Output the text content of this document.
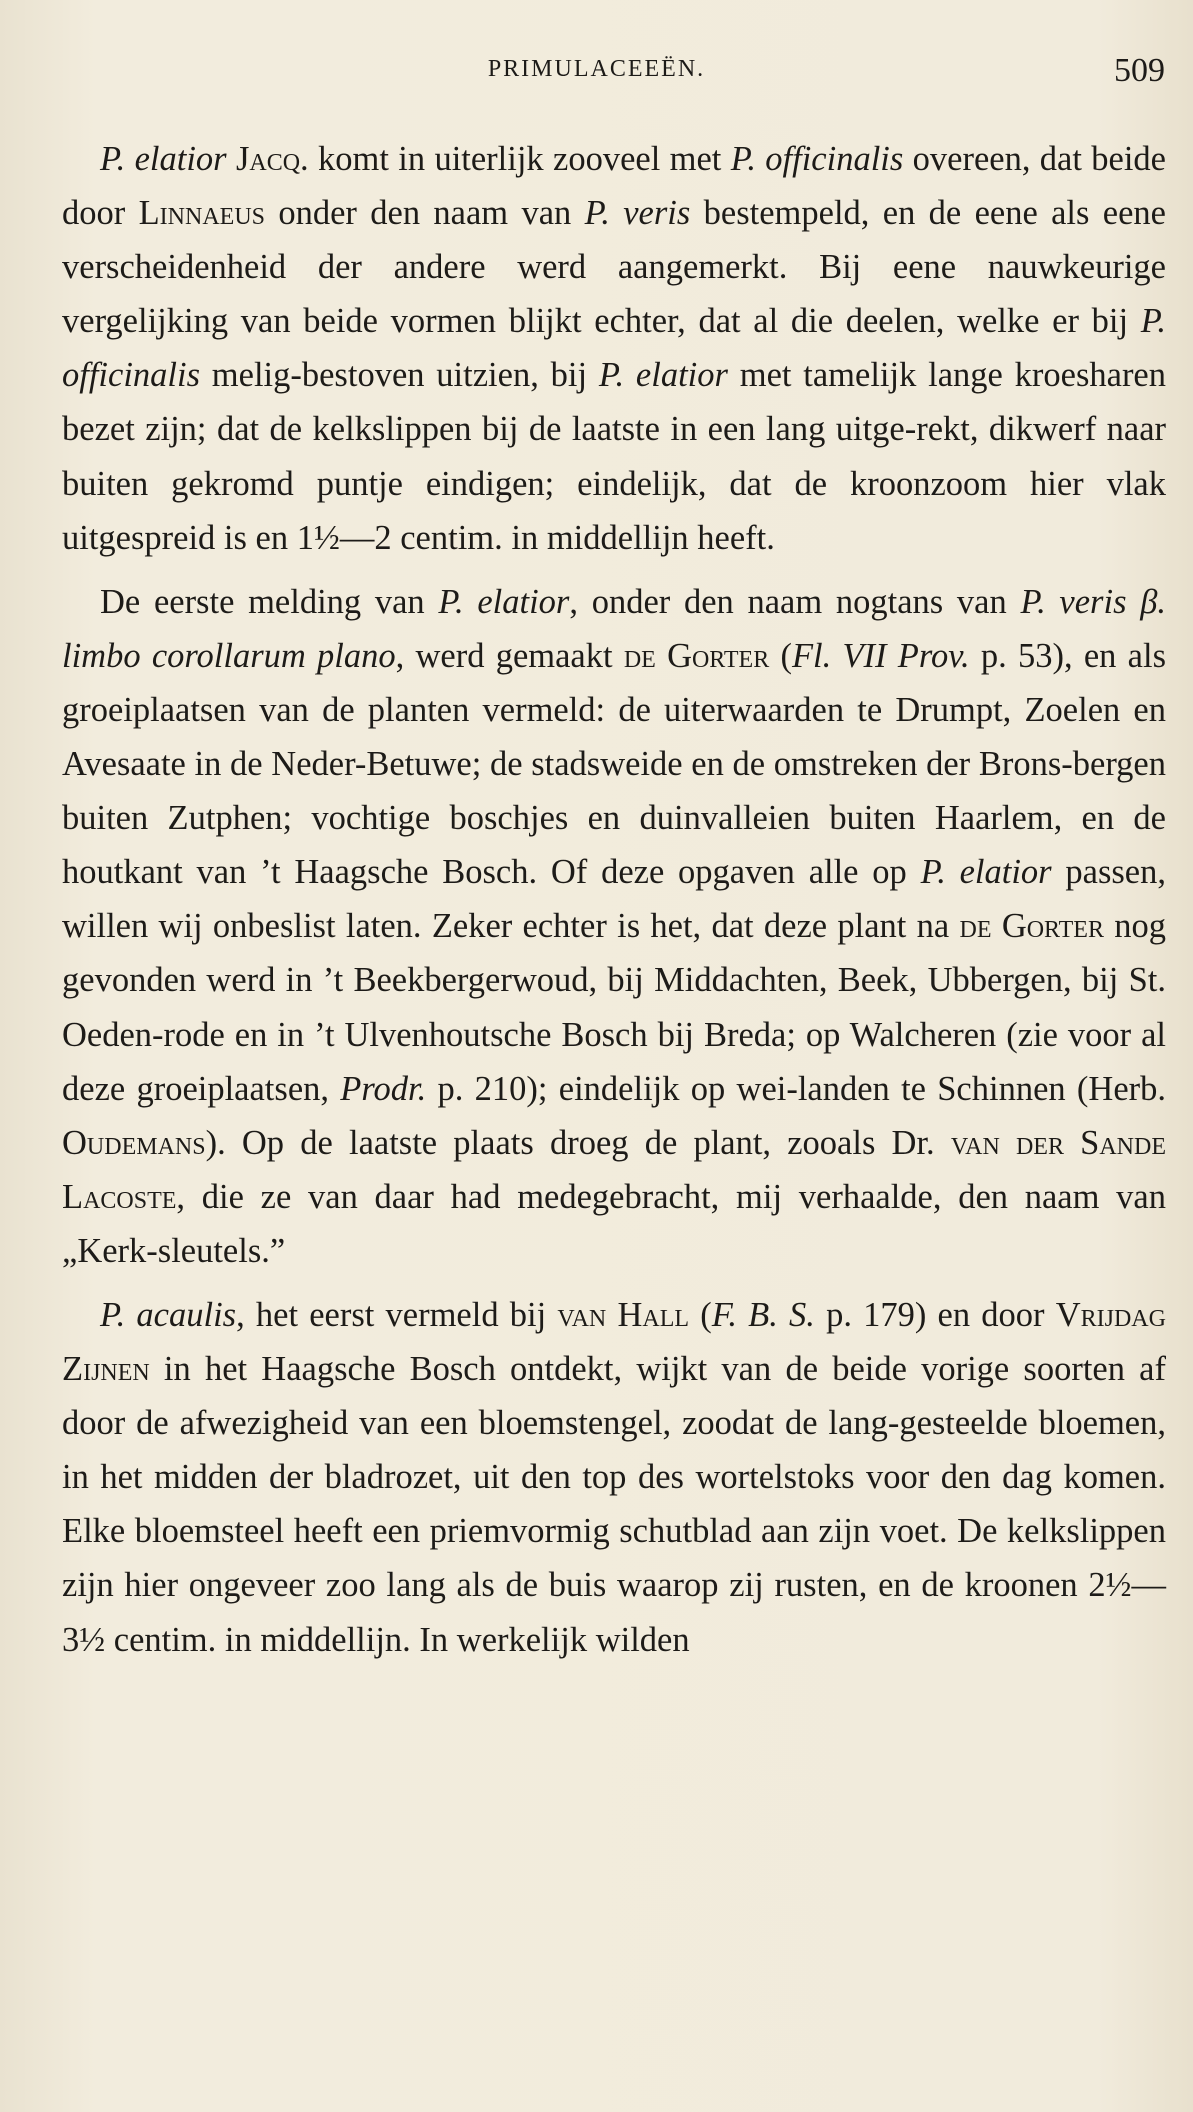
PRIMULACEEËN.	509

P. elatior Jacq. komt in uiterlijk zooveel met P. officinalis overeen, dat beide door Linnaeus onder den naam van P. veris bestempeld, en de eene als eene verscheidenheid der andere werd aangemerkt. Bij eene nauwkeurige vergelijking van beide vormen blijkt echter, dat al die deelen, welke er bij P. officinalis melig-bestoven uitzien, bij P. elatior met tamelijk lange kroesharen bezet zijn; dat de kelkslippen bij de laatste in een lang uitge-rekt, dikwerf naar buiten gekromd puntje eindigen; eindelijk, dat de kroonzoom hier vlak uitgespreid is en 1½—2 centim. in middellijn heeft.

De eerste melding van P. elatior, onder den naam nogtans van P. veris β. limbo corollarum plano, werd gemaakt de Gorter (Fl. VII Prov. p. 53), en als groeiplaatsen van de planten vermeld: de uiterwaarden te Drumpt, Zoelen en Avesaate in de Neder-Betuwe; de stadsweide en de omstreken der Brons-bergen buiten Zutphen; vochtige boschjes en duinvalleien buiten Haarlem, en de houtkant van ’t Haagsche Bosch. Of deze opgaven alle op P. elatior passen, willen wij onbeslist laten. Zeker echter is het, dat deze plant na de Gorter nog gevonden werd in ’t Beekbergerwoud, bij Middachten, Beek, Ubbergen, bij St. Oeden-rode en in ’t Ulvenhoutsche Bosch bij Breda; op Walcheren (zie voor al deze groeiplaatsen, Prodr. p. 210); eindelijk op wei-landen te Schinnen (Herb. Oudemans). Op de laatste plaats droeg de plant, zooals Dr. van der Sande Lacoste, die ze van daar had medegebracht, mij verhaalde, den naam van „Kerk-sleutels.”

P. acaulis, het eerst vermeld bij van Hall (F. B. S. p. 179) en door Vrijdag Zijnen in het Haagsche Bosch ontdekt, wijkt van de beide vorige soorten af door de afwezigheid van een bloemstengel, zoodat de lang-gesteelde bloemen, in het midden der bladrozet, uit den top des wortelstoks voor den dag komen. Elke bloemsteel heeft een priemvormig schutblad aan zijn voet. De kelkslippen zijn hier ongeveer zoo lang als de buis waarop zij rusten, en de kroonen 2½—3½ centim. in middellijn. In werkelijk wilden
